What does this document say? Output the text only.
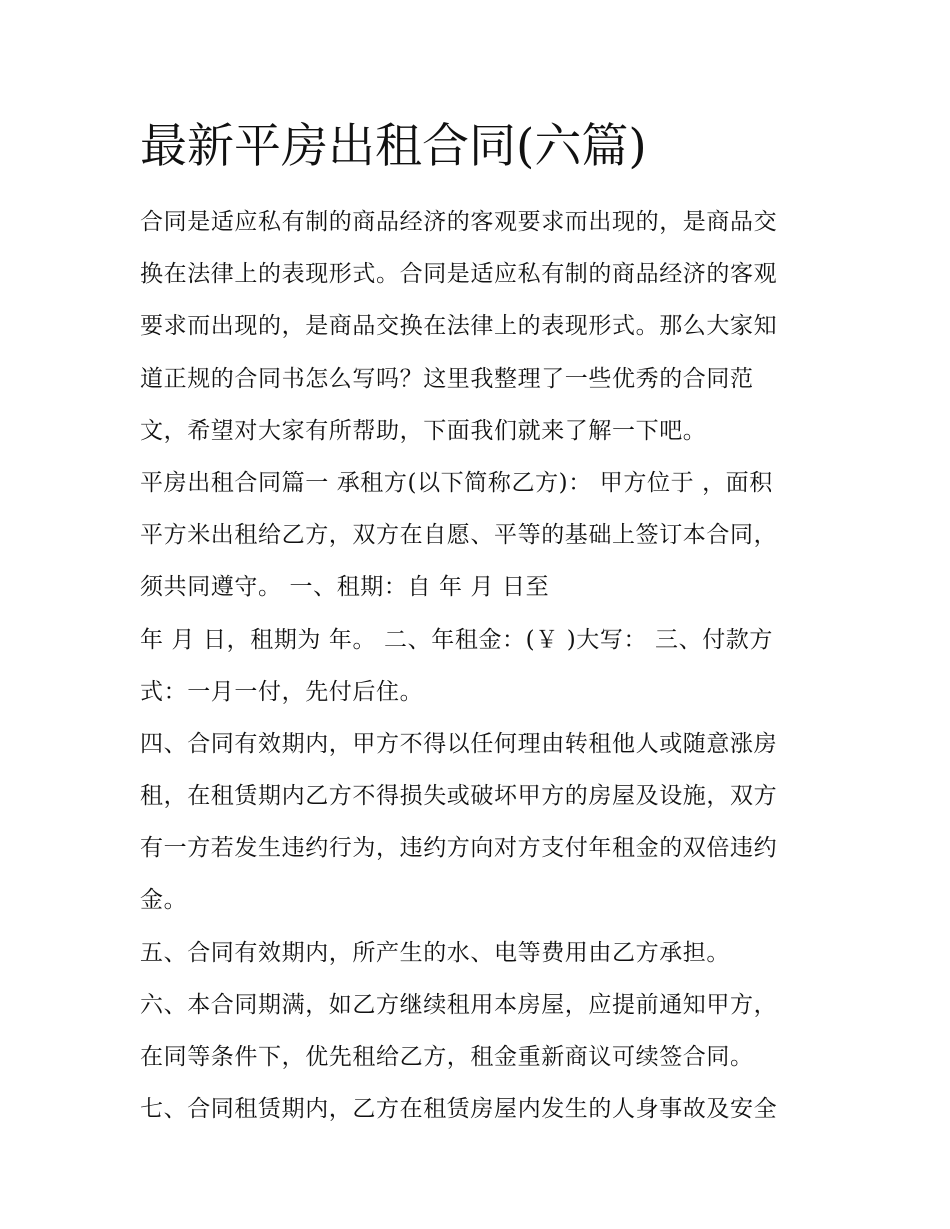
最新平房出租合同(六篇)
合同是适应私有制的商品经济的客观要求而出现的，是商品交
换在法律上的表现形式。合同是适应私有制的商品经济的客观
要求而出现的，是商品交换在法律上的表现形式。那么大家知
道正规的合同书怎么写吗？这里我整理了一些优秀的合同范
文，希望对大家有所帮助，下面我们就来了解一下吧。
平房出租合同篇一 承租方(以下简称乙方)： 甲方位于 ，面积
平方米出租给乙方，双方在自愿、平等的基础上签订本合同，
须共同遵守。 一、租期：自 年 月 日至
年 月 日，租期为 年。 二、年租金：(￥ )大写： 三、付款方
式：一月一付，先付后住。
四、合同有效期内，甲方不得以任何理由转租他人或随意涨房
租，在租赁期内乙方不得损失或破坏甲方的房屋及设施，双方
有一方若发生违约行为，违约方向对方支付年租金的双倍违约
金。
五、合同有效期内，所产生的水、电等费用由乙方承担。
六、本合同期满，如乙方继续租用本房屋，应提前通知甲方，
在同等条件下，优先租给乙方，租金重新商议可续签合同。
七、合同租赁期内，乙方在租赁房屋内发生的人身事故及安全
